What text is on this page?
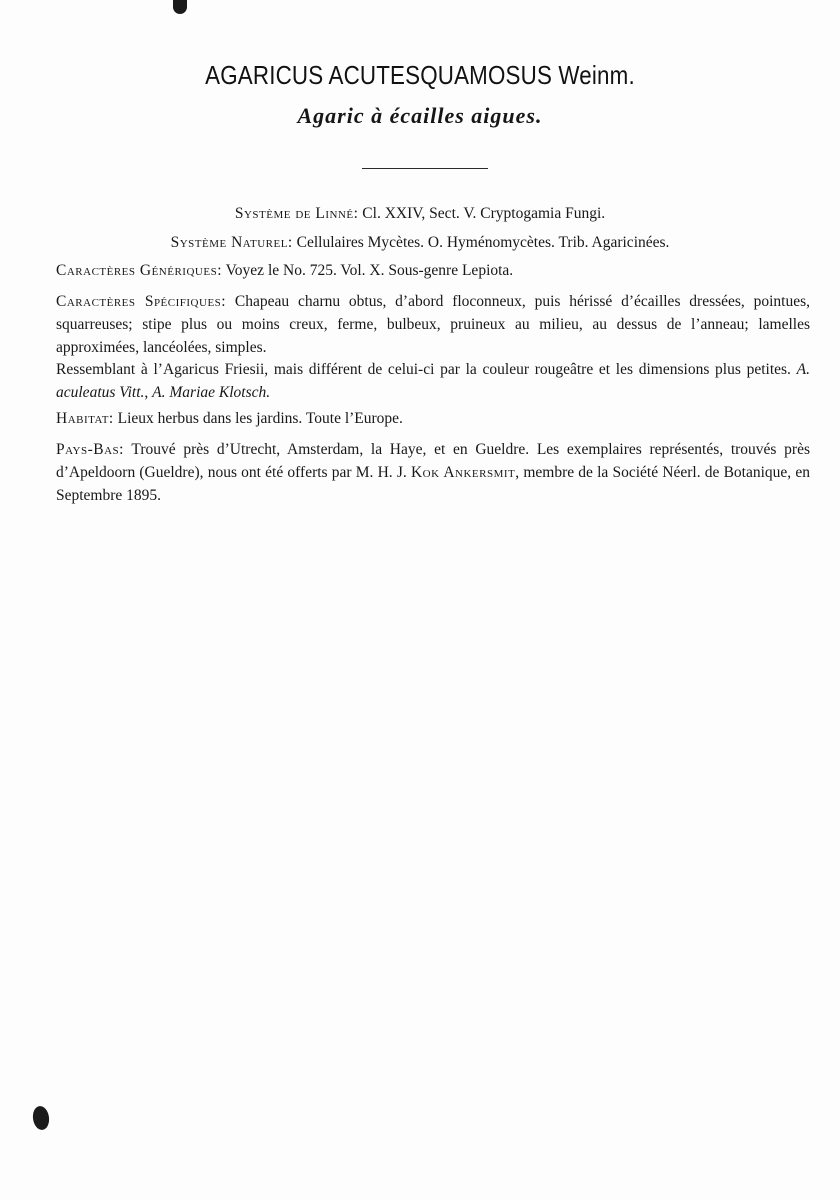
AGARICUS ACUTESQUAMOSUS Weinm.
Agaric à écailles aigues.
Système de Linné: Cl. XXIV, Sect. V. Cryptogamia Fungi.
Système Naturel: Cellulaires Mycètes. O. Hyménomycètes. Trib. Agaricinées.
Caractères Génériques: Voyez le No. 725. Vol. X. Sous-genre Lepiota.
Caractères Spécifiques: Chapeau charnu obtus, d’abord floconneux, puis hérissé d’écailles dressées, pointues, squarreuses; stipe plus ou moins creux, ferme, bulbeux, pruineux au milieu, au dessus de l’anneau; lamelles approximées, lancéolées, simples.
Ressemblant à l’Agaricus Friesii, mais différent de celui-ci par la couleur rougeâtre et les dimensions plus petites. A. aculeatus Vitt., A. Mariae Klotsch.
Habitat: Lieux herbus dans les jardins. Toute l’Europe.
Pays-Bas: Trouvé près d’Utrecht, Amsterdam, la Haye, et en Gueldre. Les exemplaires représentés, trouvés près d’Apeldoorn (Gueldre), nous ont été offerts par M. H. J. Kok Ankersmit, membre de la Société Néerl. de Botanique, en Septembre 1895.
